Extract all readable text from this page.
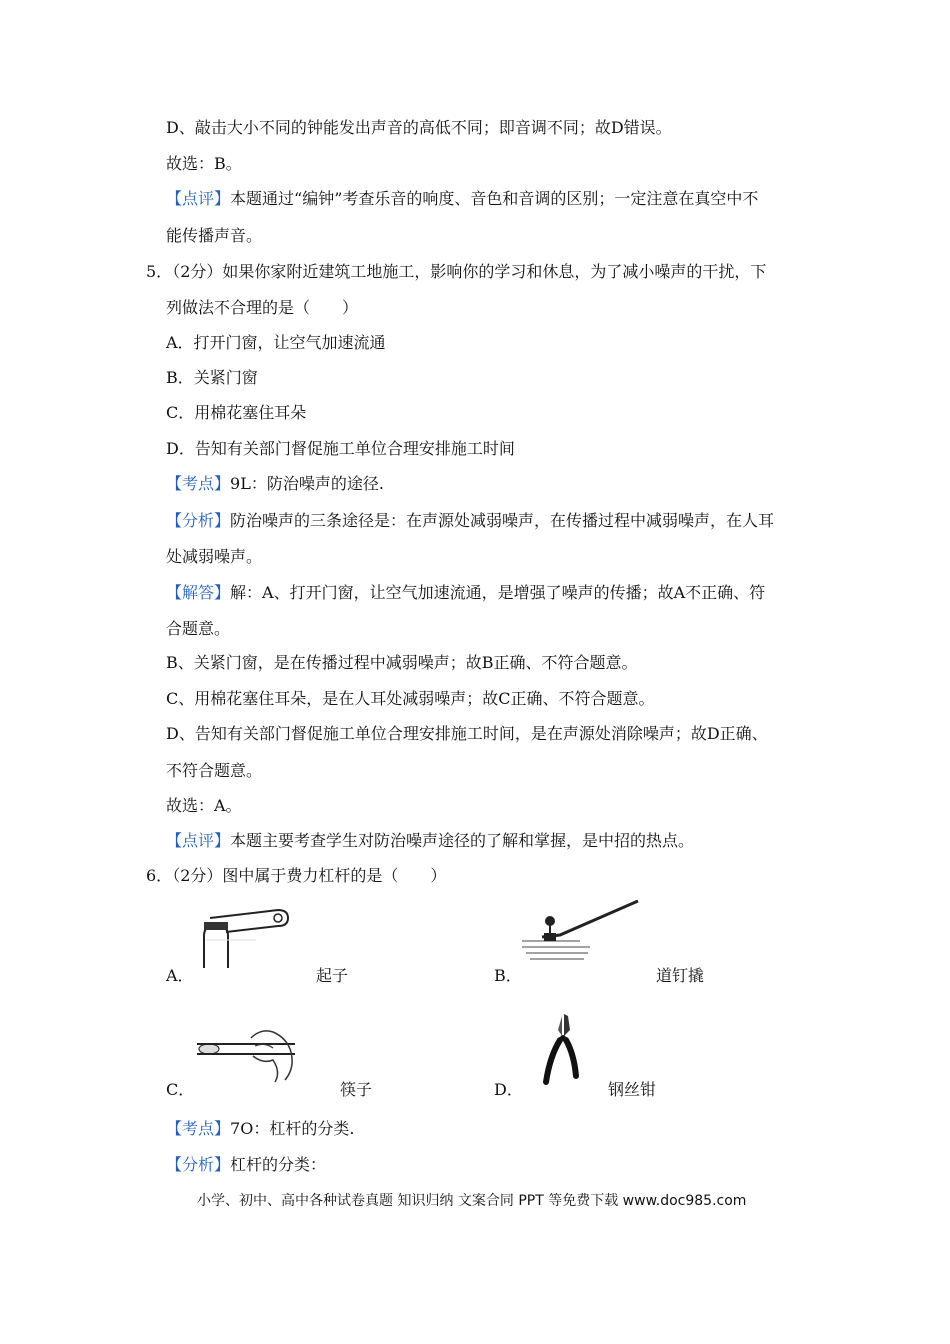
D、敲击大小不同的钟能发出声音的高低不同；即音调不同；故D错误。
故选：B。
【点评】本题通过“编钟”考查乐音的响度、音色和音调的区别；一定注意在真空中不
能传播声音。
5．（2分）如果你家附近建筑工地施工，影响你的学习和休息，为了减小噪声的干扰，下
列做法不合理的是（　　）
A．打开门窗，让空气加速流通
B．关紧门窗
C．用棉花塞住耳朵
D．告知有关部门督促施工单位合理安排施工时间
【考点】9L：防治噪声的途径.
【分析】防治噪声的三条途径是：在声源处减弱噪声，在传播过程中减弱噪声，在人耳
处减弱噪声。
【解答】解：A、打开门窗，让空气加速流通，是增强了噪声的传播；故A不正确、符
合题意。
B、关紧门窗，是在传播过程中减弱噪声；故B正确、不符合题意。
C、用棉花塞住耳朵，是在人耳处减弱噪声；故C正确、不符合题意。
D、告知有关部门督促施工单位合理安排施工时间，是在声源处消除噪声；故D正确、
不符合题意。
故选：A。
【点评】本题主要考查学生对防治噪声途径的了解和掌握，是中招的热点。
6．（2分）图中属于费力杠杆的是（　　）
A．	起子	B．	道钉撬
C．	筷子	D．	钢丝钳
【考点】7O：杠杆的分类.
【分析】杠杆的分类：
小学、初中、高中各种试卷真题 知识归纳 文案合同 PPT 等免费下载 www.doc985.com
